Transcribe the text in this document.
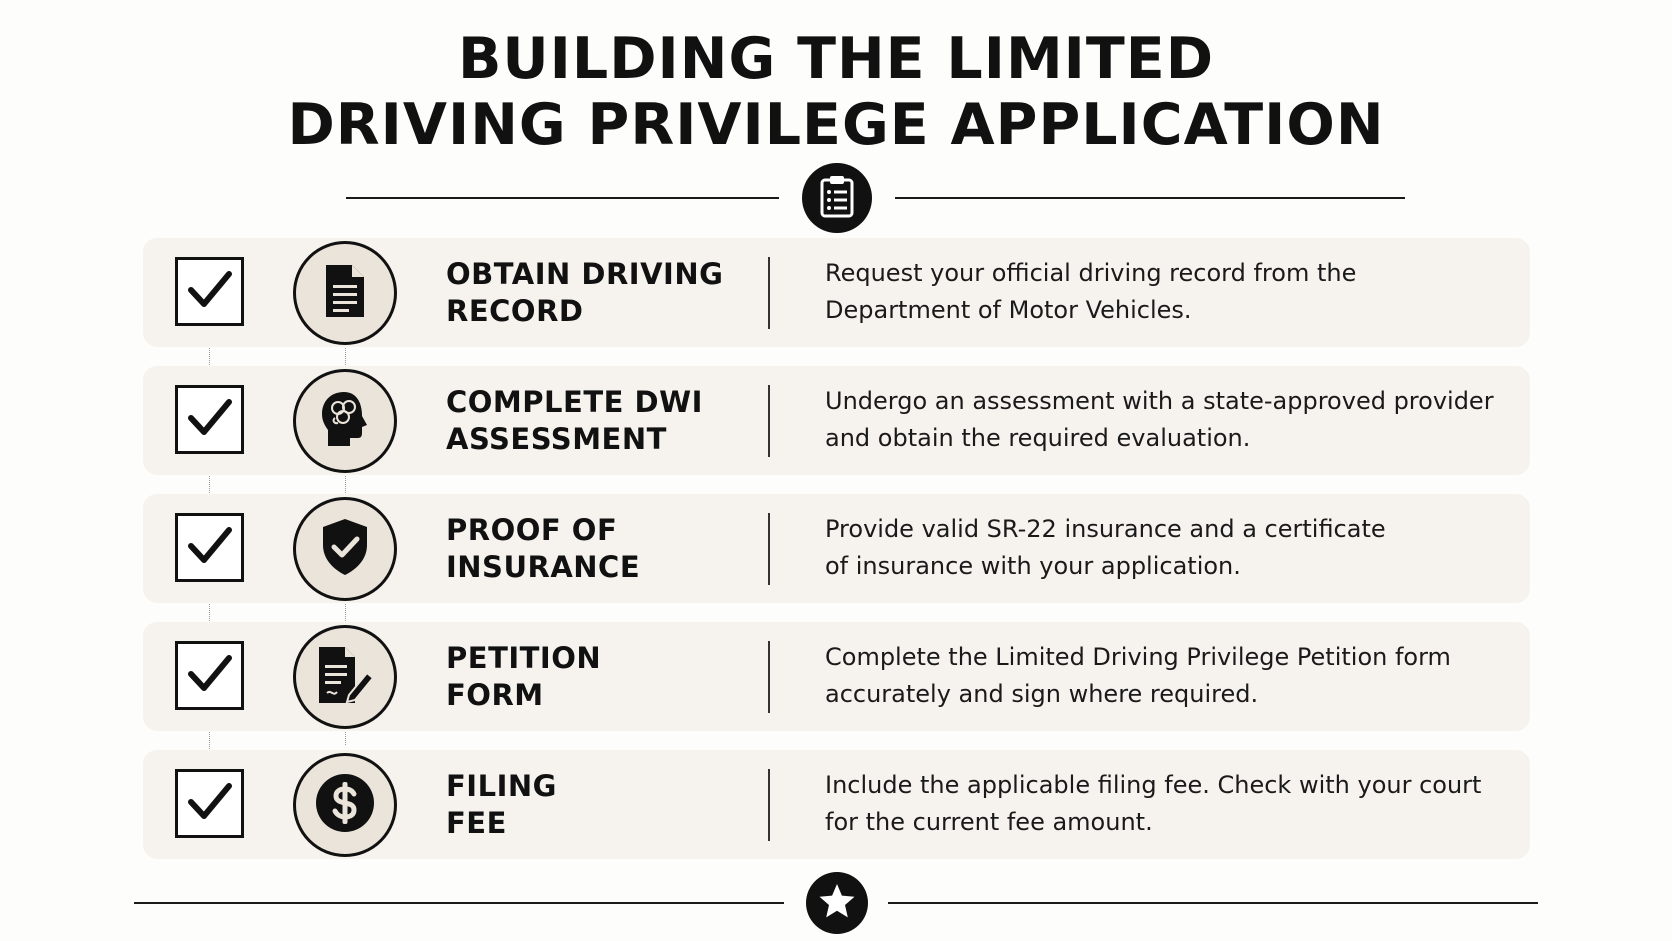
BUILDING THE LIMITED
DRIVING PRIVILEGE APPLICATION
OBTAIN DRIVING
RECORD
Request your official driving record from the
Department of Motor Vehicles.
COMPLETE DWI
ASSESSMENT
Undergo an assessment with a state-approved provider
and obtain the required evaluation.
PROOF OF
INSURANCE
Provide valid SR-22 insurance and a certificate
of insurance with your application.
PETITION
FORM
Complete the Limited Driving Privilege Petition form
accurately and sign where required.
FILING
FEE
Include the applicable filing fee. Check with your court
for the current fee amount.
